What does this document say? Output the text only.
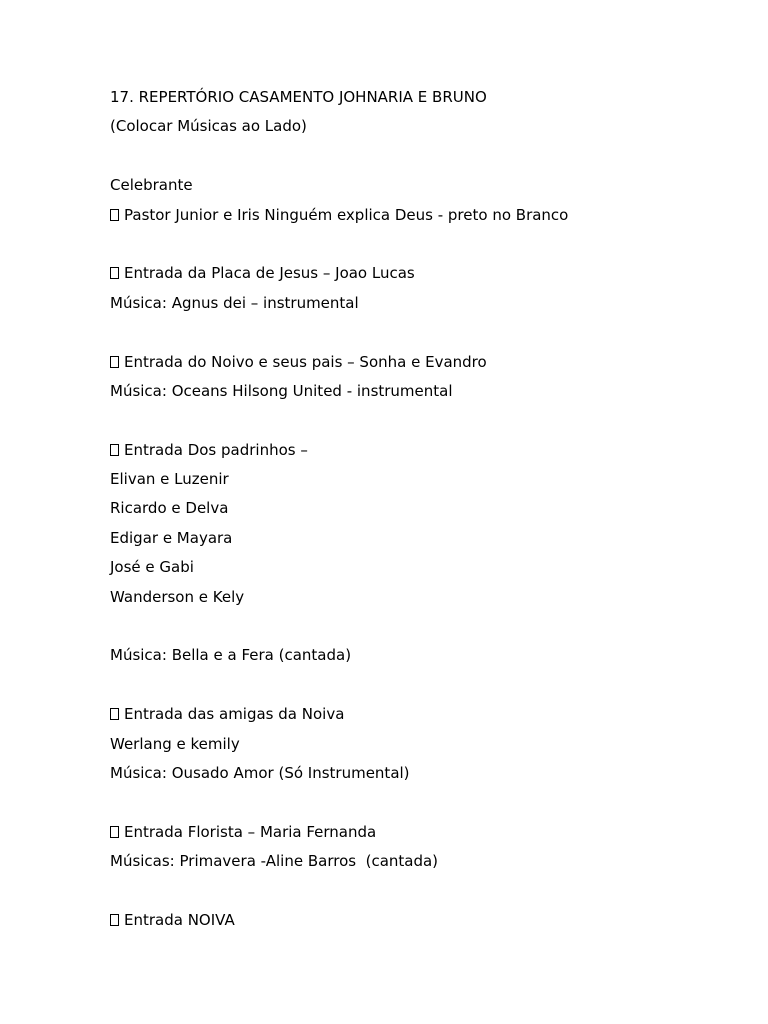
17. REPERTÓRIO CASAMENTO JOHNARIA E BRUNO
(Colocar Músicas ao Lado)
Celebrante
Pastor Junior e Iris Ninguém explica Deus - preto no Branco
Entrada da Placa de Jesus – Joao Lucas
Música: Agnus dei – instrumental
Entrada do Noivo e seus pais – Sonha e Evandro
Música: Oceans Hilsong United - instrumental
Entrada Dos padrinhos –
Elivan e Luzenir
Ricardo e Delva
Edigar e Mayara
José e Gabi
Wanderson e Kely
Música: Bella e a Fera (cantada)
Entrada das amigas da Noiva
Werlang e kemily
Música: Ousado Amor (Só Instrumental)
Entrada Florista – Maria Fernanda
Músicas: Primavera -Aline Barros  (cantada)
Entrada NOIVA
